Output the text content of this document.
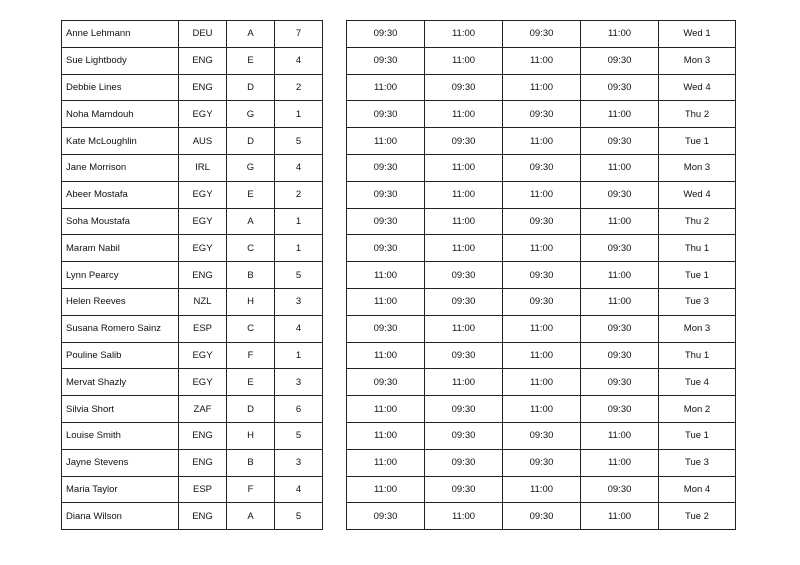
Anne Lehmann	DEU	A	7
Sue Lightbody	ENG	E	4
Debbie Lines	ENG	D	2
Noha Mamdouh	EGY	G	1
Kate McLoughlin	AUS	D	5
Jane Morrison	IRL	G	4
Abeer Mostafa	EGY	E	2
Soha Moustafa	EGY	A	1
Maram Nabil	EGY	C	1
Lynn Pearcy	ENG	B	5
Helen Reeves	NZL	H	3
Susana Romero Sainz	ESP	C	4
Pouline Salib	EGY	F	1
Mervat Shazly	EGY	E	3
Silvia Short	ZAF	D	6
Louise Smith	ENG	H	5
Jayne Stevens	ENG	B	3
Maria Taylor	ESP	F	4
Diana Wilson	ENG	A	5
09:30	11:00	09:30	11:00	Wed 1
09:30	11:00	11:00	09:30	Mon 3
11:00	09:30	11:00	09:30	Wed 4
09:30	11:00	09:30	11:00	Thu 2
11:00	09:30	11:00	09:30	Tue 1
09:30	11:00	09:30	11:00	Mon 3
09:30	11:00	11:00	09:30	Wed 4
09:30	11:00	09:30	11:00	Thu 2
09:30	11:00	11:00	09:30	Thu 1
11:00	09:30	09:30	11:00	Tue 1
11:00	09:30	09:30	11:00	Tue 3
09:30	11:00	11:00	09:30	Mon 3
11:00	09:30	11:00	09:30	Thu 1
09:30	11:00	11:00	09:30	Tue 4
11:00	09:30	11:00	09:30	Mon 2
11:00	09:30	09:30	11:00	Tue 1
11:00	09:30	09:30	11:00	Tue 3
11:00	09:30	11:00	09:30	Mon 4
09:30	11:00	09:30	11:00	Tue 2
